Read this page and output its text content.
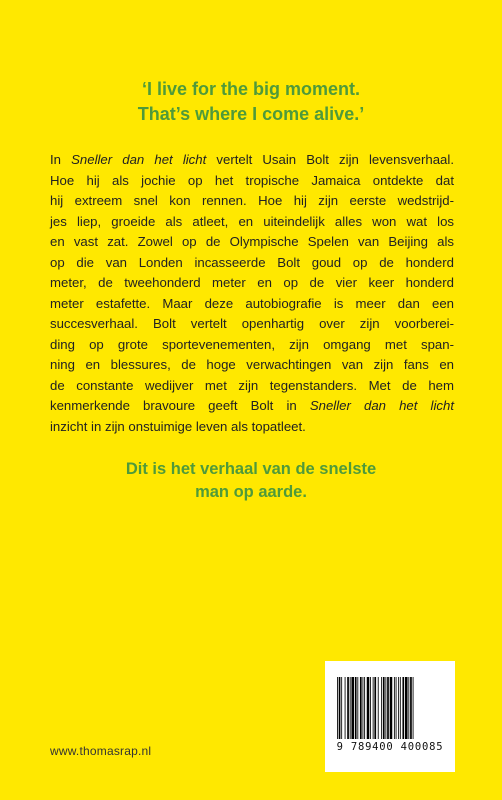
‘I live for the big moment.
That’s where I come alive.’
In Sneller dan het licht vertelt Usain Bolt zijn levensverhaal.
Hoe hij als jochie op het tropische Jamaica ontdekte dat
hij extreem snel kon rennen. Hoe hij zijn eerste wedstrijd-
jes liep, groeide als atleet, en uiteindelijk alles won wat los
en vast zat. Zowel op de Olympische Spelen van Beijing als
op die van Londen incasseerde Bolt goud op de honderd
meter, de tweehonderd meter en op de vier keer honderd
meter estafette. Maar deze autobiografie is meer dan een
succesverhaal. Bolt vertelt openhartig over zijn voorberei-
ding op grote sportevenementen, zijn omgang met span-
ning en blessures, de hoge verwachtingen van zijn fans en
de constante wedijver met zijn tegenstanders. Met de hem
kenmerkende bravoure geeft Bolt in Sneller dan het licht
inzicht in zijn onstuimige leven als topatleet.
Dit is het verhaal van de snelste
man op aarde.
www.thomasrap.nl	9 789400 400085
